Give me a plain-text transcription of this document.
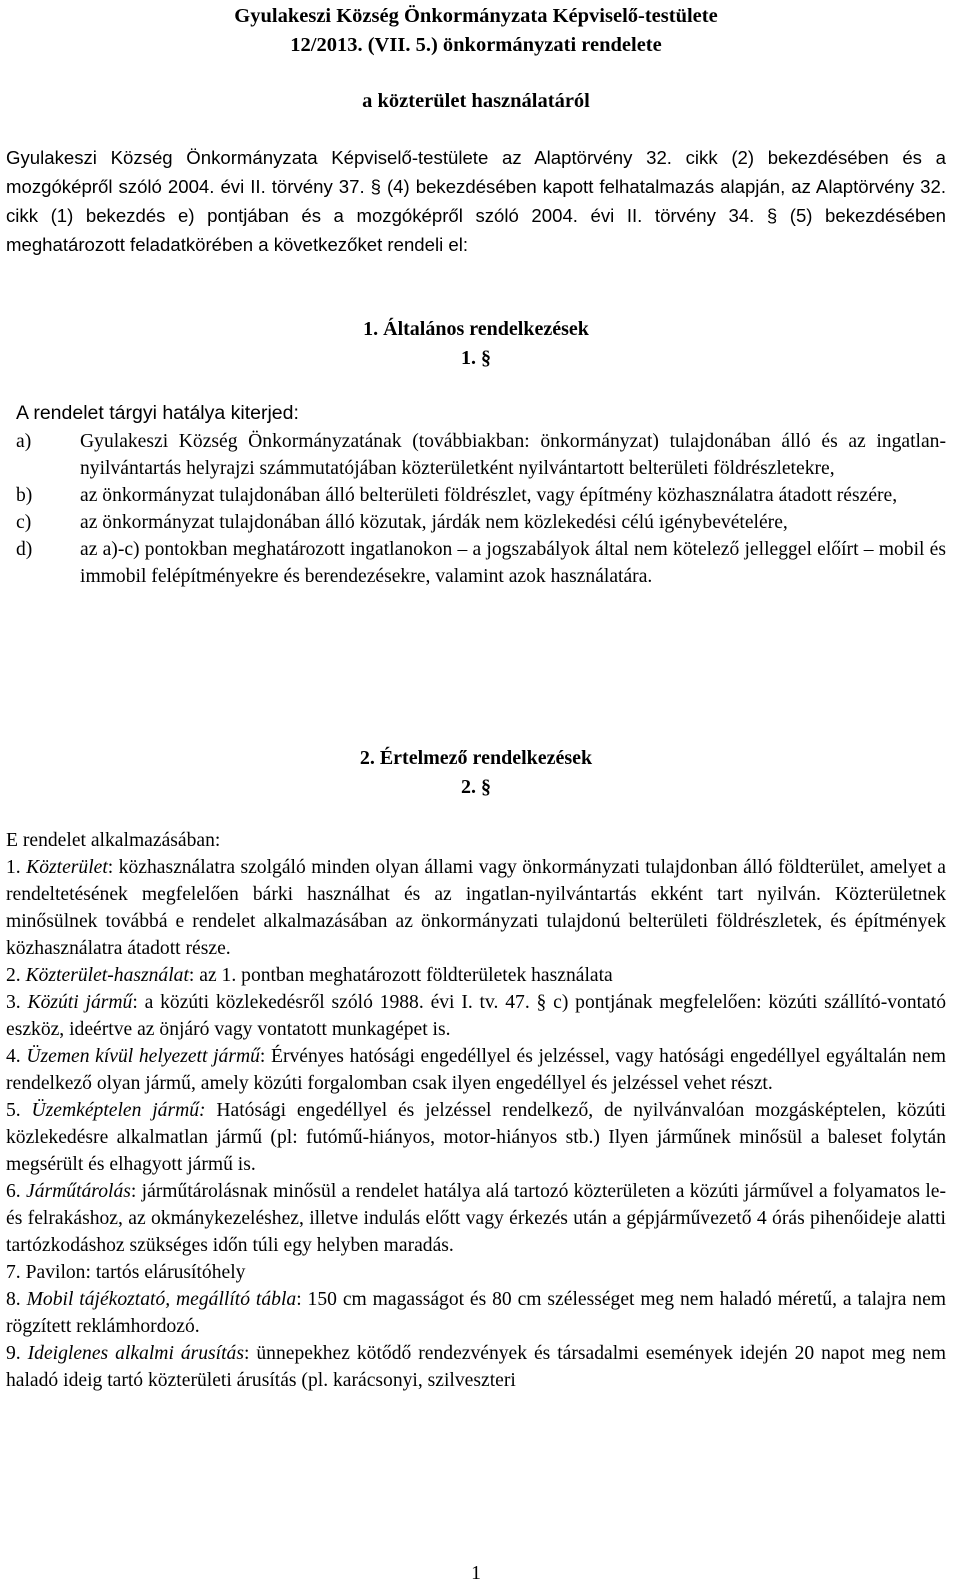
Gyulakeszi Község Önkormányzata Képviselő-testülete
12/2013. (VII. 5.) önkormányzati rendelete
a közterület használatáról
Gyulakeszi Község Önkormányzata Képviselő-testülete az Alaptörvény 32. cikk (2) bekezdésében és a mozgóképről szóló 2004. évi II. törvény 37. § (4) bekezdésében kapott felhatalmazás alapján, az Alaptörvény 32. cikk (1) bekezdés e) pontjában és a mozgóképről szóló 2004. évi II. törvény 34. § (5) bekezdésében meghatározott feladatkörében a következőket rendeli el:
1. Általános rendelkezések
1. §
A rendelet tárgyi hatálya kiterjed:
a)	Gyulakeszi Község Önkormányzatának (továbbiakban: önkormányzat) tulajdonában álló és az ingatlan-nyilvántartás helyrajzi számmutatójában közterületként nyilvántartott belterületi földrészletekre,
b)	az önkormányzat tulajdonában álló belterületi földrészlet, vagy építmény közhasználatra átadott részére,
c)	az önkormányzat tulajdonában álló közutak, járdák nem közlekedési célú igénybevételére,
d)	az a)-c) pontokban meghatározott ingatlanokon – a jogszabályok által nem kötelező jelleggel előírt – mobil és immobil felépítményekre és berendezésekre, valamint azok használatára.
2. Értelmező rendelkezések
2. §
E rendelet alkalmazásában:
1. Közterület: közhasználatra szolgáló minden olyan állami vagy önkormányzati tulajdonban álló földterület, amelyet a rendeltetésének megfelelően bárki használhat és az ingatlan-nyilvántartás ekként tart nyilván. Közterületnek minősülnek továbbá e rendelet alkalmazásában az önkormányzati tulajdonú belterületi földrészletek, és építmények közhasználatra átadott része.
2. Közterület-használat: az 1. pontban meghatározott földterületek használata
3. Közúti jármű: a közúti közlekedésről szóló 1988. évi I. tv. 47. § c) pontjának megfelelően: közúti szállító-vontató eszköz, ideértve az önjáró vagy vontatott munkagépet is.
4. Üzemen kívül helyezett jármű: Érvényes hatósági engedéllyel és jelzéssel, vagy hatósági engedéllyel egyáltalán nem rendelkező olyan jármű, amely közúti forgalomban csak ilyen engedéllyel és jelzéssel vehet részt.
5. Üzemképtelen jármű: Hatósági engedéllyel és jelzéssel rendelkező, de nyilvánvalóan mozgásképtelen, közúti közlekedésre alkalmatlan jármű (pl: futómű-hiányos, motor-hiányos stb.) Ilyen járműnek minősül a baleset folytán megsérült és elhagyott jármű is.
6. Járműtárolás: járműtárolásnak minősül a rendelet hatálya alá tartozó közterületen a közúti járművel a folyamatos le- és felrakáshoz, az okmánykezeléshez, illetve indulás előtt vagy érkezés után a gépjárművezető 4 órás pihenőideje alatti tartózkodáshoz szükséges időn túli egy helyben maradás.
7. Pavilon: tartós elárusítóhely
8. Mobil tájékoztató, megállító tábla: 150 cm magasságot és 80 cm szélességet meg nem haladó méretű, a talajra nem rögzített reklámhordozó.
9. Ideiglenes alkalmi árusítás: ünnepekhez kötődő rendezvények és társadalmi események idején 20 napot meg nem haladó ideig tartó közterületi árusítás (pl. karácsonyi, szilveszteri
1
